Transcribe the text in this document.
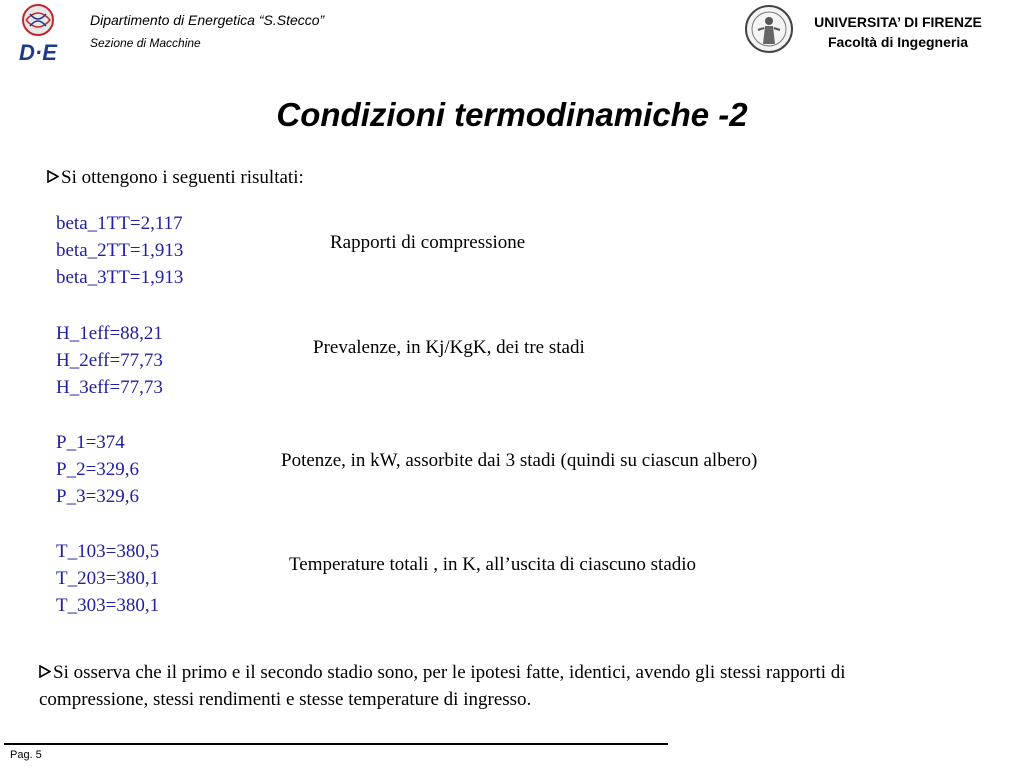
D·E
Dipartimento di Energetica “S.Stecco”
Sezione di Macchine
UNIVERSITA’ DI FIRENZE
Facoltà di Ingegneria
Condizioni termodinamiche -2
Si ottengono i seguenti risultati:
beta_1TT=2,117
beta_2TT=1,913
beta_3TT=1,913
Rapporti di compressione
H_1eff=88,21
H_2eff=77,73
H_3eff=77,73
Prevalenze, in Kj/KgK, dei tre stadi
P_1=374
P_2=329,6
P_3=329,6
Potenze, in kW, assorbite dai 3 stadi (quindi su ciascun albero)
T_103=380,5
T_203=380,1
T_303=380,1
Temperature totali , in K, all’uscita di ciascuno stadio
Si osserva che il primo e il secondo stadio sono, per le ipotesi fatte, identici, avendo gli stessi rapporti di compressione, stessi rendimenti e stesse temperature di ingresso.
Pag. 5
